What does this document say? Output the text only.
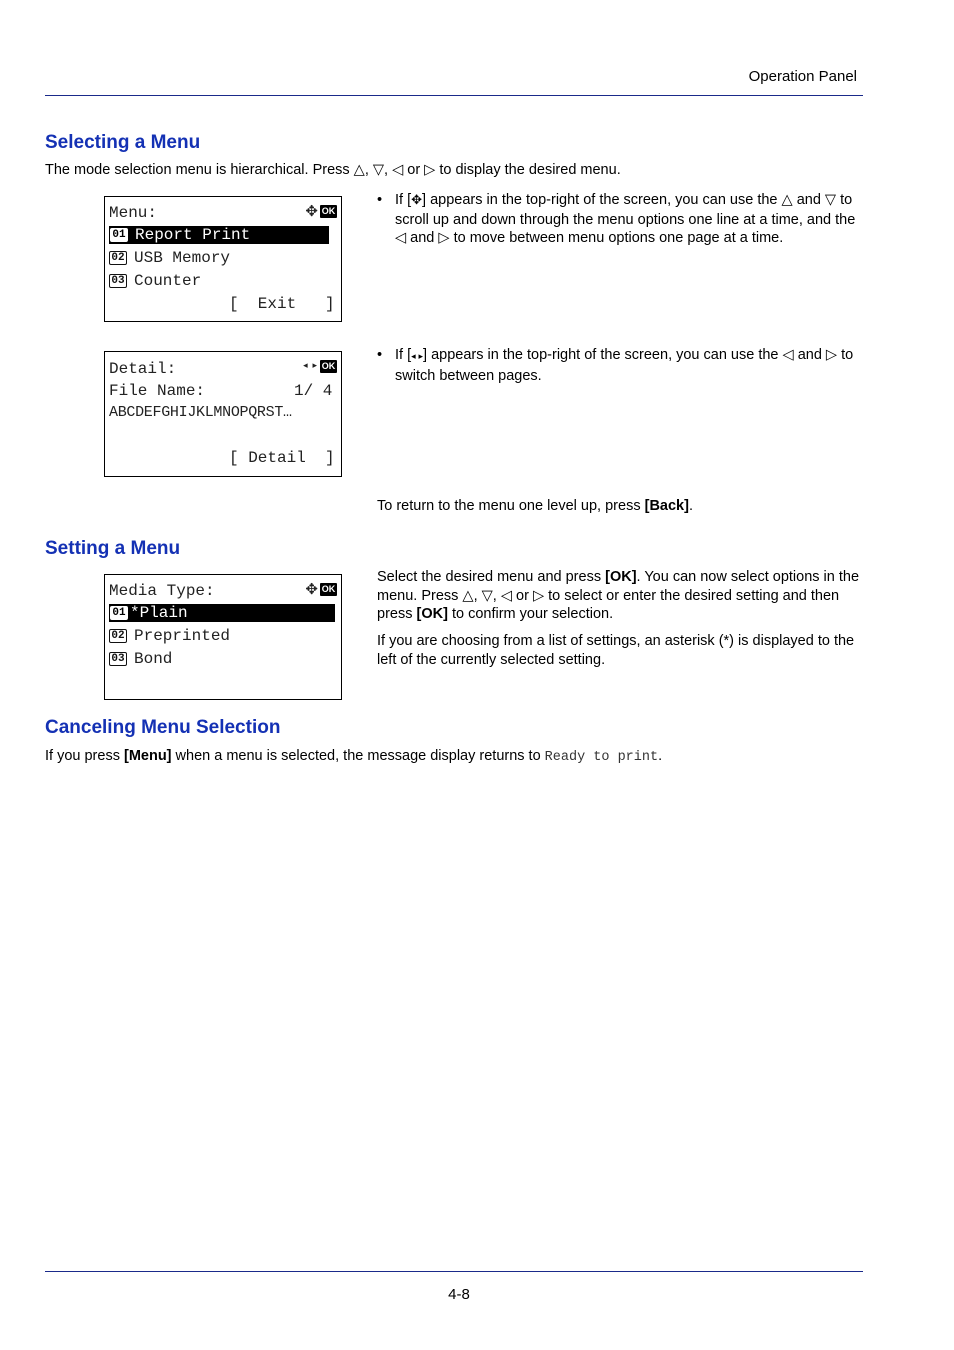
Operation Panel
Selecting a Menu
The mode selection menu is hierarchical. Press △, ▽, ◁ or ▷ to display the desired menu.
Menu:	✥ OK
01 Report Print
02 USB Memory
03 Counter
[  Exit   ]
• If [✥] appears in the top-right of the screen, you can use the △ and ▽ to scroll up and down through the menu options one line at a time, and the ◁ and ▷ to move between menu options one page at a time.
Detail:	◂ ▸ OK
File Name:	1/ 4
ABCDEFGHIJKLMNOPQRST…
[ Detail  ]
• If [◂ ▸] appears in the top-right of the screen, you can use the ◁ and ▷ to switch between pages.
To return to the menu one level up, press [Back].
Setting a Menu
Media Type:	✥ OK
01 *Plain
02 Preprinted
03 Bond
Select the desired menu and press [OK]. You can now select options in the menu. Press △, ▽, ◁ or ▷ to select or enter the desired setting and then press [OK] to confirm your selection.
If you are choosing from a list of settings, an asterisk (*) is displayed to the left of the currently selected setting.
Canceling Menu Selection
If you press [Menu] when a menu is selected, the message display returns to Ready to print.
4-8
